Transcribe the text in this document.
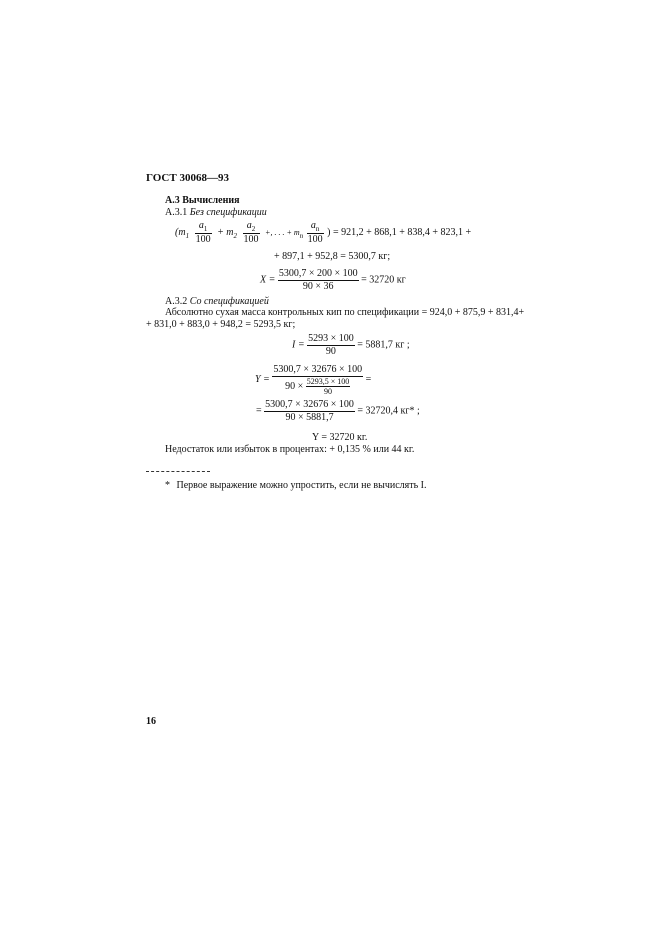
ГОСТ 30068—93
А.3 Вычисления
А.3.1 Без спецификации
($m_1 \frac{a_1}{100} + m_2 \frac{a_2}{100}$ +, . . . + $m_n \frac{a_n}{100}$ ) = 921,2 + 868,1 + 838,4 + 823,1 +
+ 897,1 + 952,8 = 5300,7 кг;
$X = \frac{5300,7 \times 200 \times 100}{90 \times 36} = 32720$ кг
А.3.2 Со спецификацией
Абсолютно сухая масса контрольных кип по спецификации = 924,0 + 875,9 + 831,4+
+ 831,0 + 883,0 + 948,2 = 5293,5 кг;
$I = \frac{5293 \times 100}{90} = 5881,7$ кг ;
$Y = \frac{5300,7 \times 32676 \times 100}{90 \times \frac{5293,5 \times 100}{90}}$ =
= $\frac{5300,7 \times 32676 \times 100}{90 \times 5881,7} = 32720,4$ кг* ;
Y = 32720 кг.
Недостаток или избыток в процентах: + 0,135 % или 44 кг.
* Первое выражение можно упростить, если не вычислять I.
16
